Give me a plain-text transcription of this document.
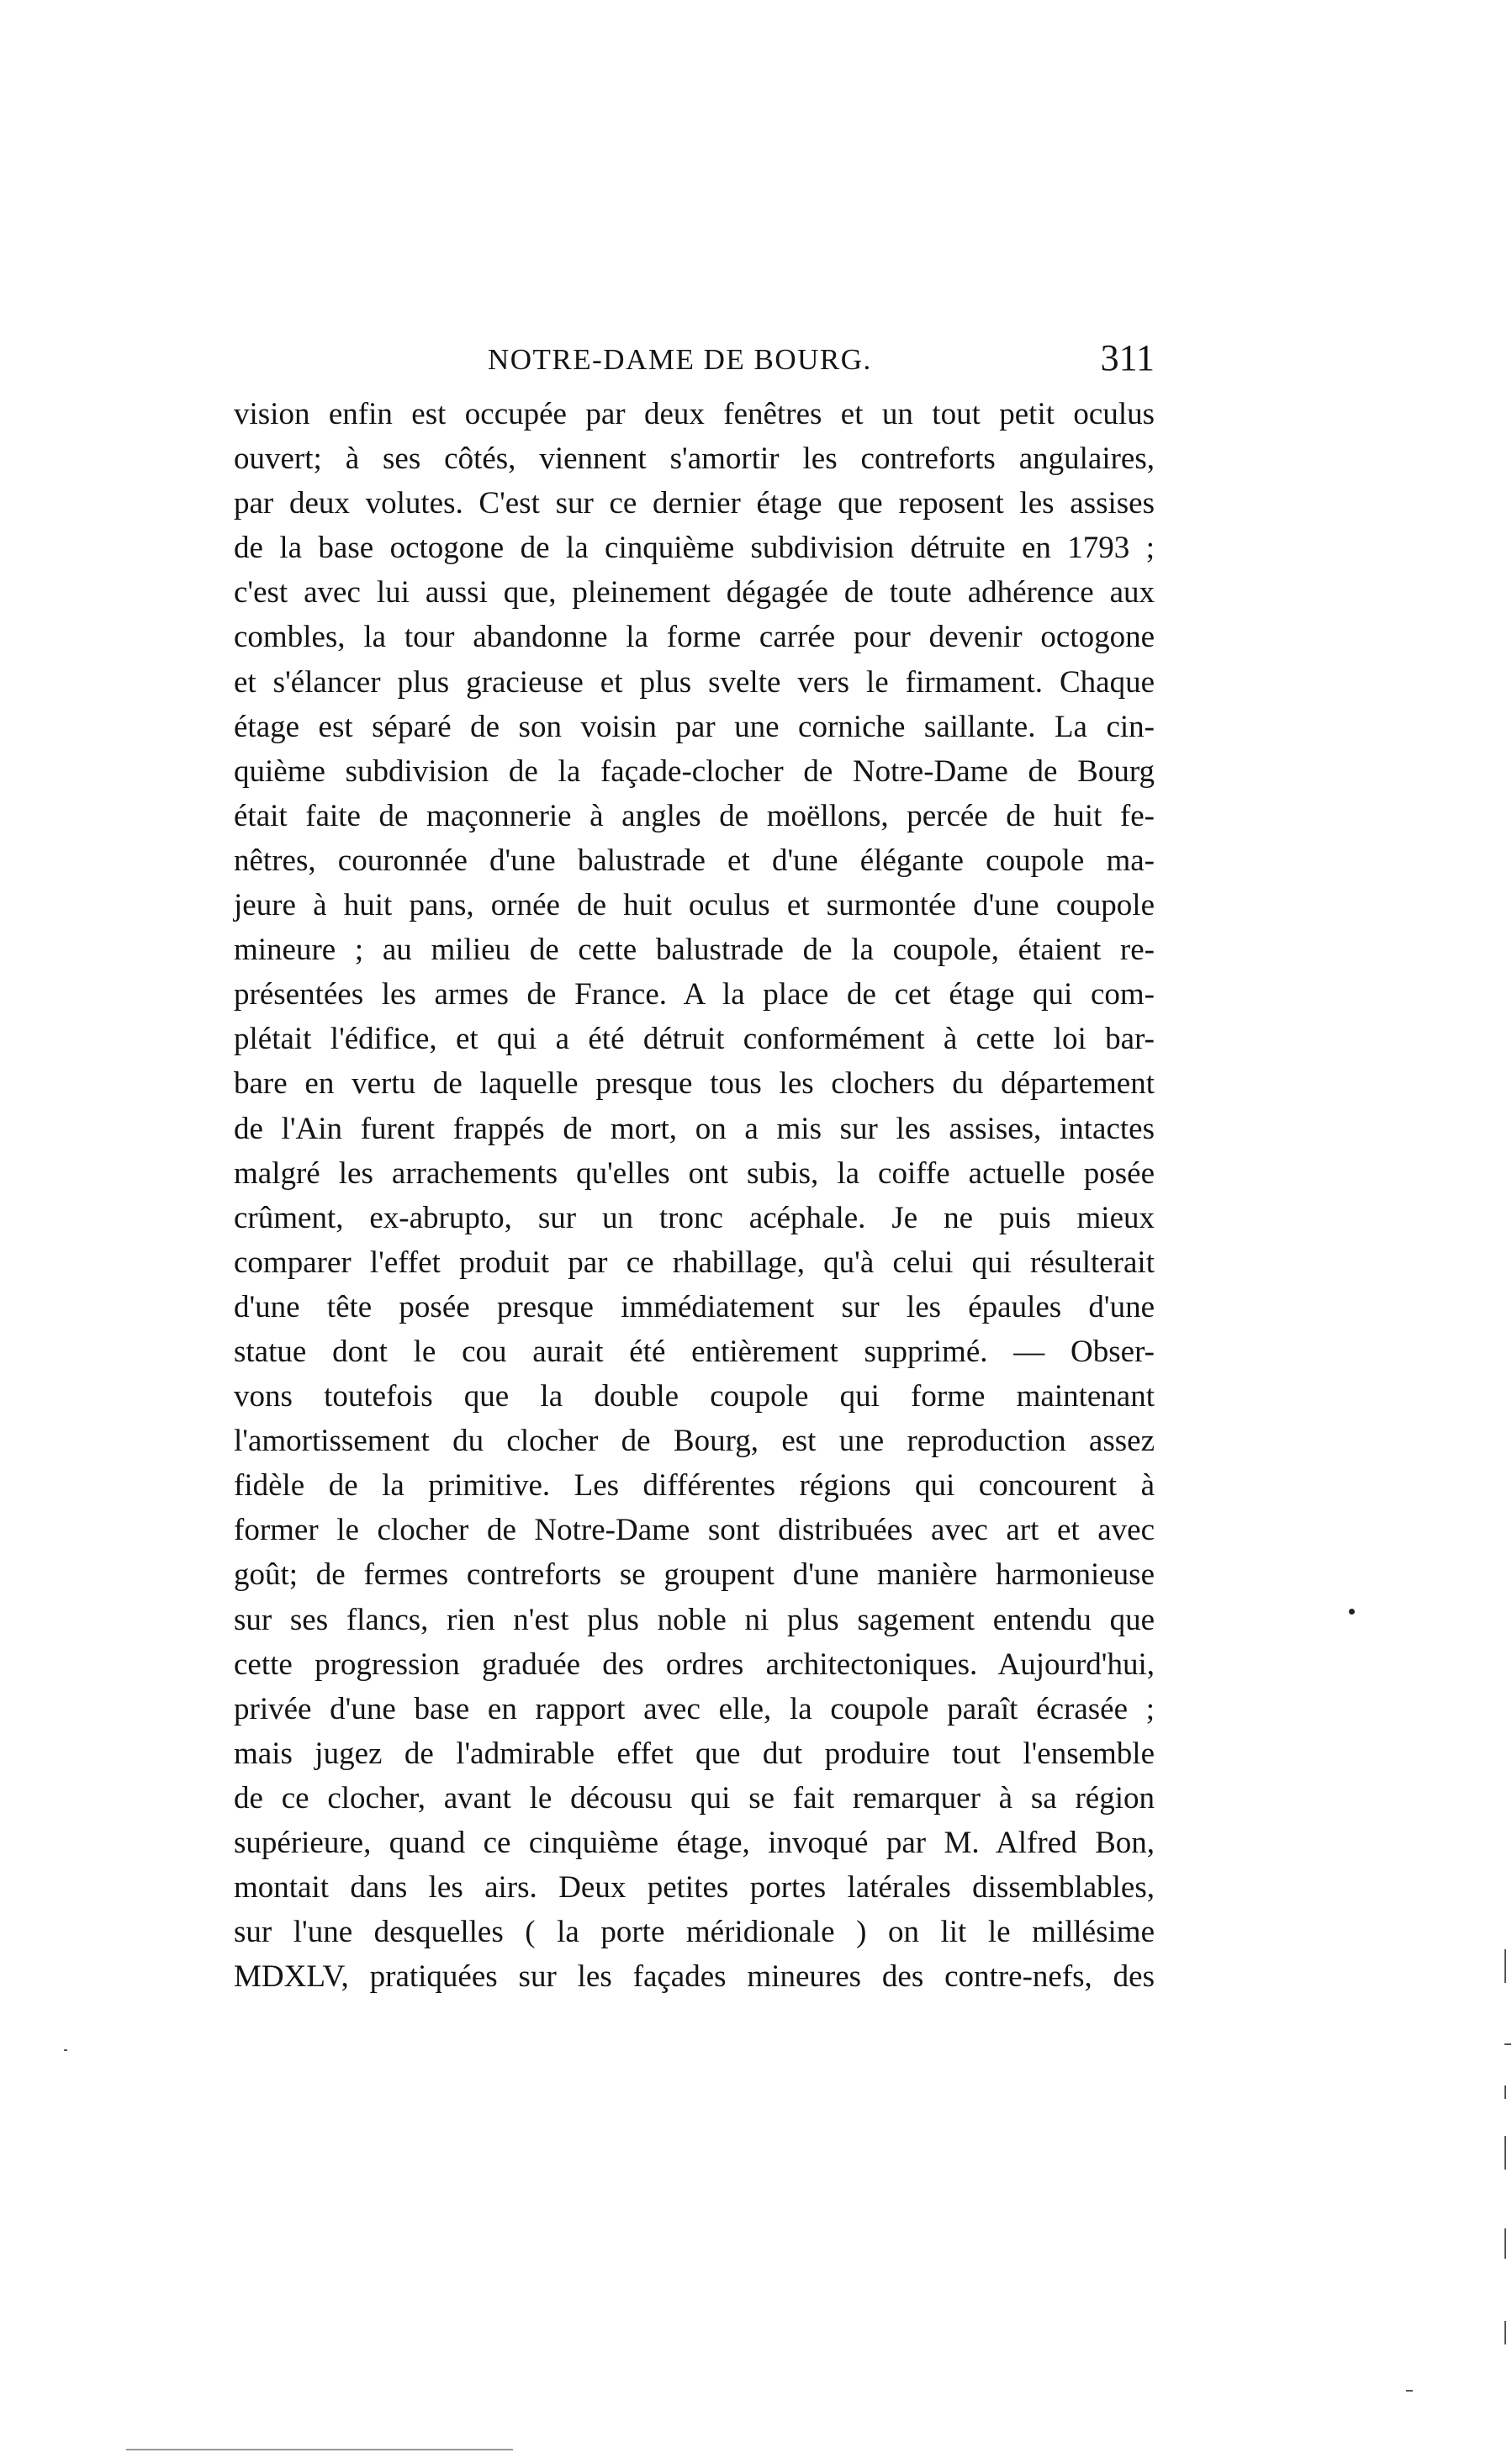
NOTRE-DAME DE BOURG.	311
vision enfin est occupée par deux fenêtres et un tout petit oculus
ouvert; à ses côtés, viennent s'amortir les contreforts angulaires,
par deux volutes. C'est sur ce dernier étage que reposent les assises
de la base octogone de la cinquième subdivision détruite en 1793 ;
c'est avec lui aussi que, pleinement dégagée de toute adhérence aux
combles, la tour abandonne la forme carrée pour devenir octogone
et s'élancer plus gracieuse et plus svelte vers le firmament. Chaque
étage est séparé de son voisin par une corniche saillante. La cin-
quième subdivision de la façade-clocher de Notre-Dame de Bourg
était faite de maçonnerie à angles de moëllons, percée de huit fe-
nêtres, couronnée d'une balustrade et d'une élégante coupole ma-
jeure à huit pans, ornée de huit oculus et surmontée d'une coupole
mineure ; au milieu de cette balustrade de la coupole, étaient re-
présentées les armes de France. A la place de cet étage qui com-
plétait l'édifice, et qui a été détruit conformément à cette loi bar-
bare en vertu de laquelle presque tous les clochers du département
de l'Ain furent frappés de mort, on a mis sur les assises, intactes
malgré les arrachements qu'elles ont subis, la coiffe actuelle posée
crûment, ex-abrupto, sur un tronc acéphale. Je ne puis mieux
comparer l'effet produit par ce rhabillage, qu'à celui qui résulterait
d'une tête posée presque immédiatement sur les épaules d'une
statue dont le cou aurait été entièrement supprimé. — Obser-
vons toutefois que la double coupole qui forme maintenant
l'amortissement du clocher de Bourg, est une reproduction assez
fidèle de la primitive. Les différentes régions qui concourent à
former le clocher de Notre-Dame sont distribuées avec art et avec
goût; de fermes contreforts se groupent d'une manière harmonieuse
sur ses flancs, rien n'est plus noble ni plus sagement entendu que
cette progression graduée des ordres architectoniques. Aujourd'hui,
privée d'une base en rapport avec elle, la coupole paraît écrasée ;
mais jugez de l'admirable effet que dut produire tout l'ensemble
de ce clocher, avant le décousu qui se fait remarquer à sa région
supérieure, quand ce cinquième étage, invoqué par M. Alfred Bon,
montait dans les airs. Deux petites portes latérales dissemblables,
sur l'une desquelles ( la porte méridionale ) on lit le millésime
MDXLV, pratiquées sur les façades mineures des contre-nefs, des
